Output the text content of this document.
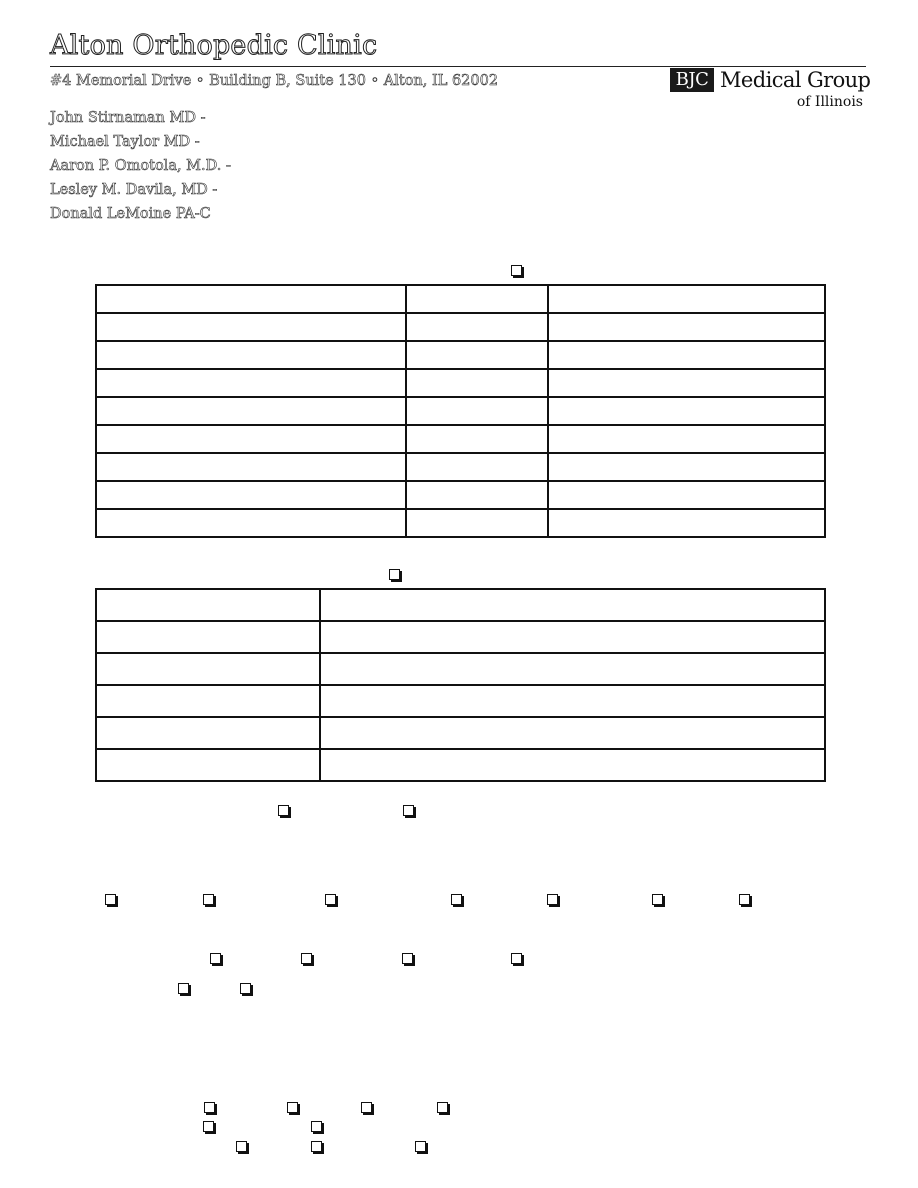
Alton Orthopedic Clinic
#4 Memorial Drive ◦ Building B, Suite 130 ◦ Alton, IL 62002
John Stirnaman MD -
Michael Taylor MD -
Aaron P. Omotola, M.D. -
Lesley M. Davila, MD -
Donald LeMoine PA-C
BJC Medical Group
of Illinois
